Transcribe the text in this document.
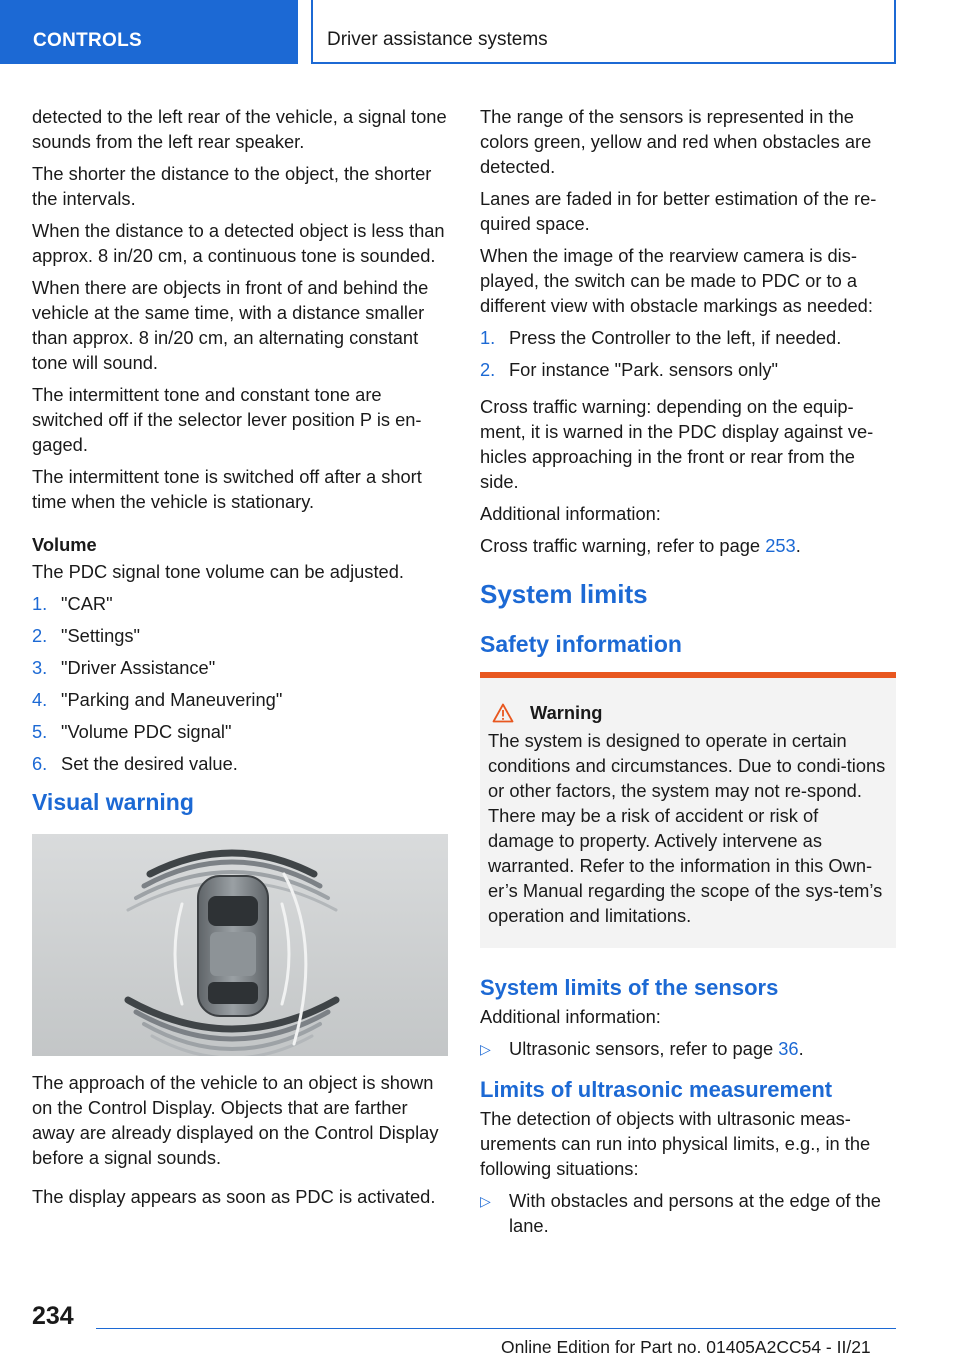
CONTROLS	Driver assistance systems

detected to the left rear of the vehicle, a signal tone sounds from the left rear speaker.

The shorter the distance to the object, the shorter the intervals.

When the distance to a detected object is less than approx. 8 in/20 cm, a continuous tone is sounded.

When there are objects in front of and behind the vehicle at the same time, with a distance smaller than approx. 8 in/20 cm, an alternating constant tone will sound.

The intermittent tone and constant tone are switched off if the selector lever position P is en‐gaged.

The intermittent tone is switched off after a short time when the vehicle is stationary.

Volume

The PDC signal tone volume can be adjusted.

1. "CAR"
2. "Settings"
3. "Driver Assistance"
4. "Parking and Maneuvering"
5. "Volume PDC signal"
6. Set the desired value.
Visual warning

The approach of the vehicle to an object is shown on the Control Display. Objects that are farther away are already displayed on the Control Display before a signal sounds.

The display appears as soon as PDC is activated.

The range of the sensors is represented in the colors green, yellow and red when obstacles are detected.

Lanes are faded in for better estimation of the re‐quired space.

When the image of the rearview camera is dis‐played, the switch can be made to PDC or to a different view with obstacle markings as needed:

1. Press the Controller to the left, if needed.
2. For instance "Park. sensors only"

Cross traffic warning: depending on the equip‐ment, it is warned in the PDC display against ve‐hicles approaching in the front or rear from the side.

Additional information:

Cross traffic warning, refer to page 253.

System limits
Safety information
Warning

The system is designed to operate in certain conditions and circumstances. Due to condi‐tions or other factors, the system may not re‐spond. There may be a risk of accident or risk of damage to property. Actively intervene as warranted. Refer to the information in this Own‐er’s Manual regarding the scope of the sys‐tem’s operation and limitations.

System limits of the sensors

Additional information:

▷ Ultrasonic sensors, refer to page 36.
Limits of ultrasonic measurement

The detection of objects with ultrasonic meas‐urements can run into physical limits, e.g., in the following situations:

▷ With obstacles and persons at the edge of the lane.
234
Online Edition for Part no. 01405A2CC54 - II/21
